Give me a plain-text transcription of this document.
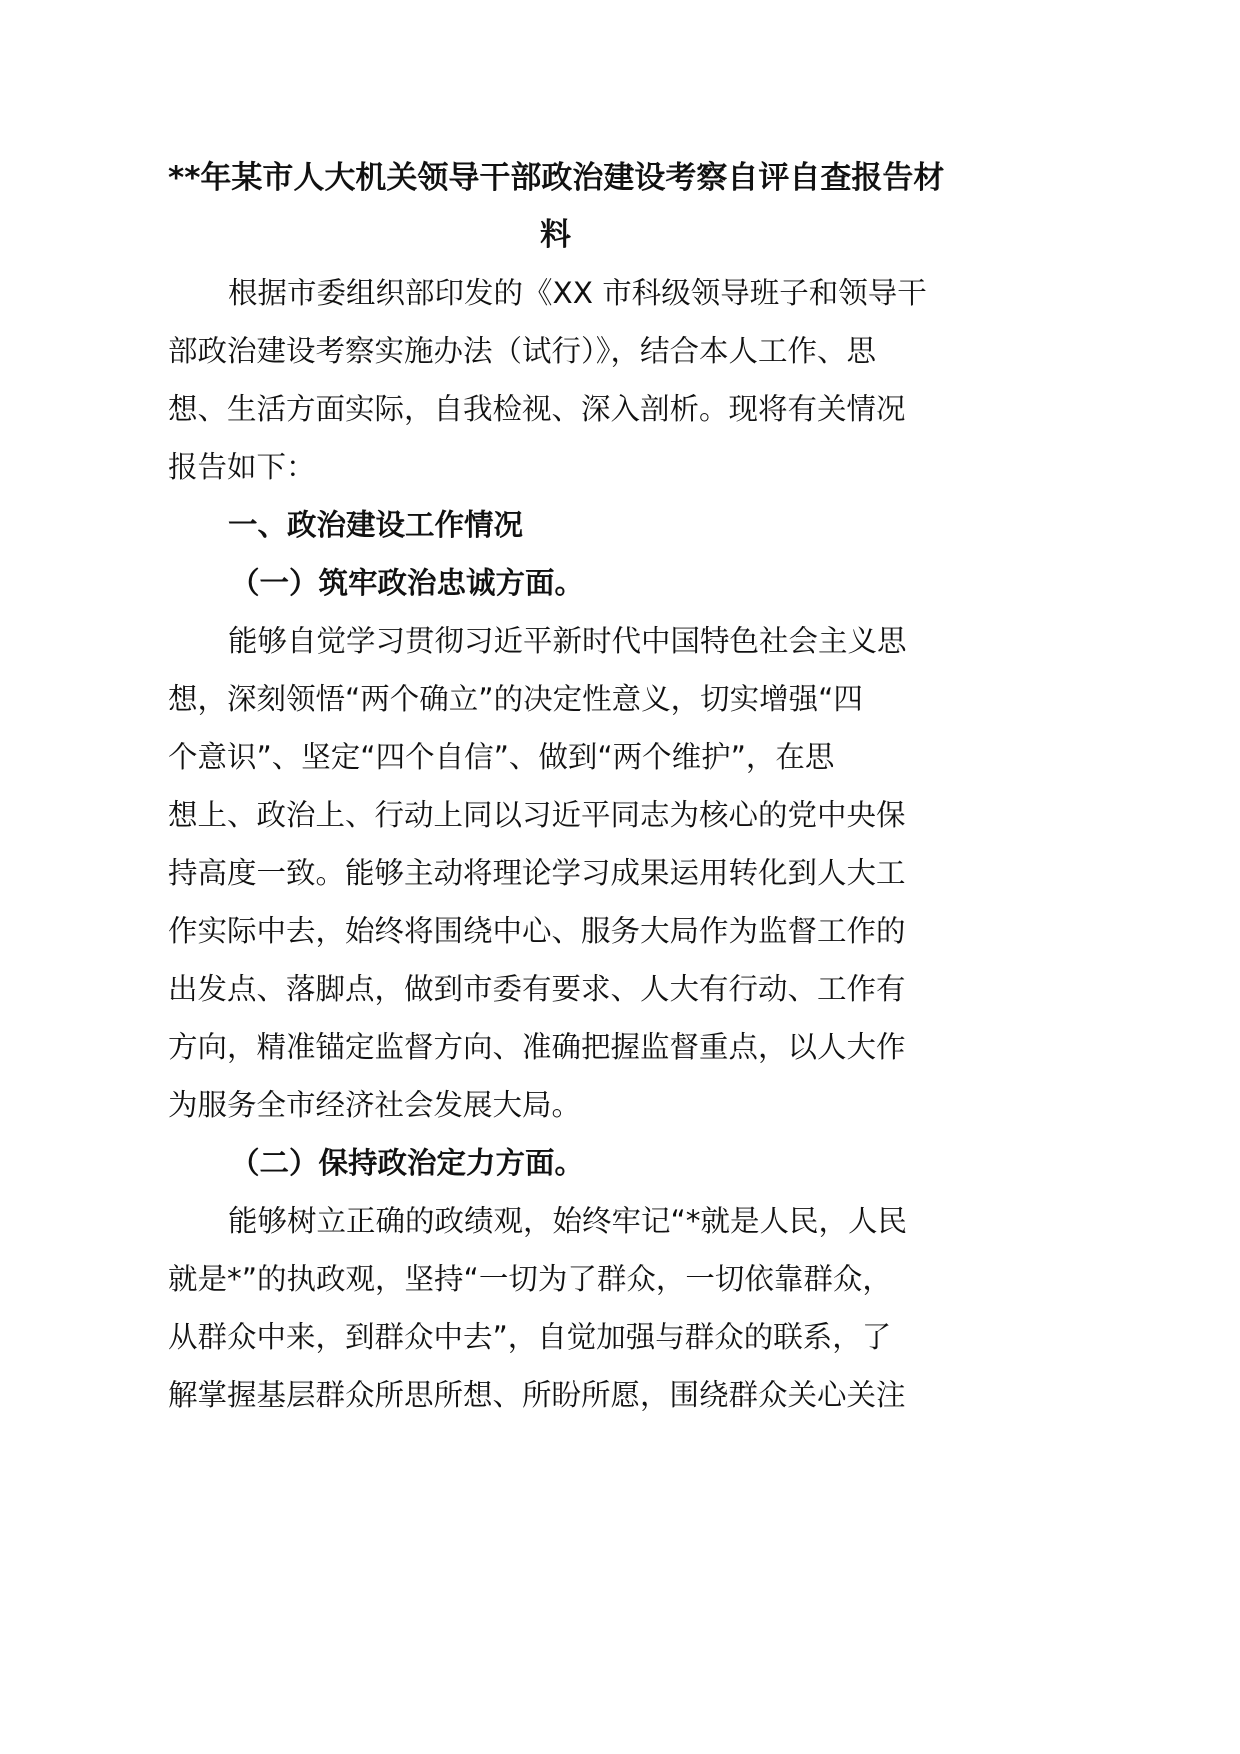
**年某市人大机关领导干部政治建设考察自评自查报告材
料

根据市委组织部印发的《XX 市科级领导班子和领导干
部政治建设考察实施办法（试行）》，结合本人工作、思
想、生活方面实际，自我检视、深入剖析。现将有关情况
报告如下：

一、政治建设工作情况
（一）筑牢政治忠诚方面。

能够自觉学习贯彻习近平新时代中国特色社会主义思
想，深刻领悟“两个确立”的决定性意义，切实增强“四
个意识”、坚定“四个自信”、做到“两个维护”，在思
想上、政治上、行动上同以习近平同志为核心的党中央保
持高度一致。能够主动将理论学习成果运用转化到人大工
作实际中去，始终将围绕中心、服务大局作为监督工作的
出发点、落脚点，做到市委有要求、人大有行动、工作有
方向，精准锚定监督方向、准确把握监督重点，以人大作
为服务全市经济社会发展大局。

（二）保持政治定力方面。

能够树立正确的政绩观，始终牢记“*就是人民，人民
就是*”的执政观，坚持“一切为了群众，一切依靠群众，
从群众中来，到群众中去”，自觉加强与群众的联系，了
解掌握基层群众所思所想、所盼所愿，围绕群众关心关注
